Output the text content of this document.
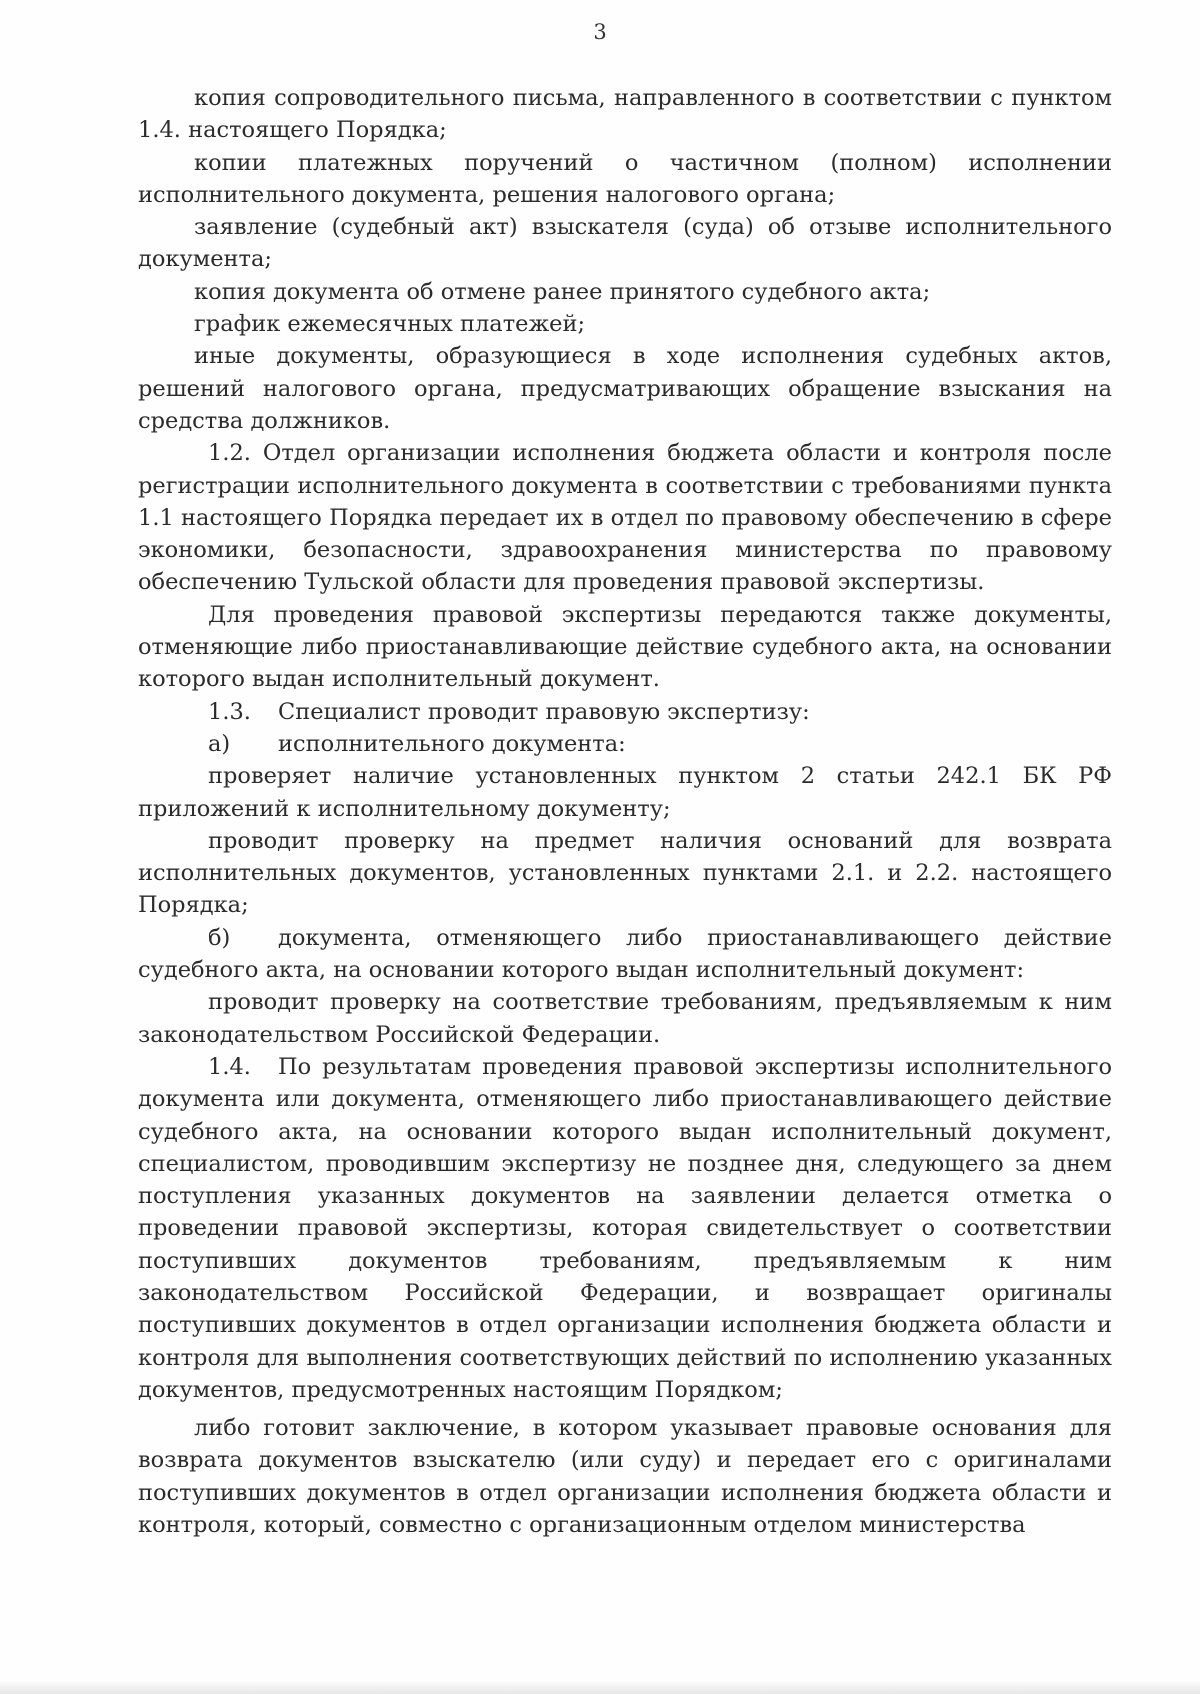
3

копия сопроводительного письма, направленного в соответствии с пунктом 1.4. настоящего Порядка;

копии платежных поручений о частичном (полном) исполнении исполнительного документа, решения налогового органа;

заявление (судебный акт) взыскателя (суда) об отзыве исполнительного документа;

копия документа об отмене ранее принятого судебного акта;

график ежемесячных платежей;

иные документы, образующиеся в ходе исполнения судебных актов, решений налогового органа, предусматривающих обращение взыскания на средства должников.

1.2. Отдел организации исполнения бюджета области и контроля после регистрации исполнительного документа в соответствии с требованиями пункта 1.1 настоящего Порядка передает их в отдел по правовому обеспечению в сфере экономики, безопасности, здравоохранения министерства по правовому обеспечению Тульской области для проведения правовой экспертизы.

Для проведения правовой экспертизы передаются также документы, отменяющие либо приостанавливающие действие судебного акта, на основании которого выдан исполнительный документ.

1.3. Специалист проводит правовую экспертизу:

а) исполнительного документа:

проверяет наличие установленных пунктом 2 статьи 242.1 БК РФ приложений к исполнительному документу;

проводит проверку на предмет наличия оснований для возврата исполнительных документов, установленных пунктами 2.1. и 2.2. настоящего Порядка;

б) документа, отменяющего либо приостанавливающего действие судебного акта, на основании которого выдан исполнительный документ:

проводит проверку на соответствие требованиям, предъявляемым к ним законодательством Российской Федерации.

1.4. По результатам проведения правовой экспертизы исполнительного документа или документа, отменяющего либо приостанавливающего действие судебного акта, на основании которого выдан исполнительный документ, специалистом, проводившим экспертизу не позднее дня, следующего за днем поступления указанных документов на заявлении делается отметка о проведении правовой экспертизы, которая свидетельствует о соответствии поступивших документов требованиям, предъявляемым к ним законодательством Российской Федерации, и возвращает оригиналы поступивших документов в отдел организации исполнения бюджета области и контроля для выполнения соответствующих действий по исполнению указанных документов, предусмотренных настоящим Порядком;

либо готовит заключение, в котором указывает правовые основания для возврата документов взыскателю (или суду) и передает его с оригиналами поступивших документов в отдел организации исполнения бюджета области и контроля, который, совместно с организационным отделом министерства
